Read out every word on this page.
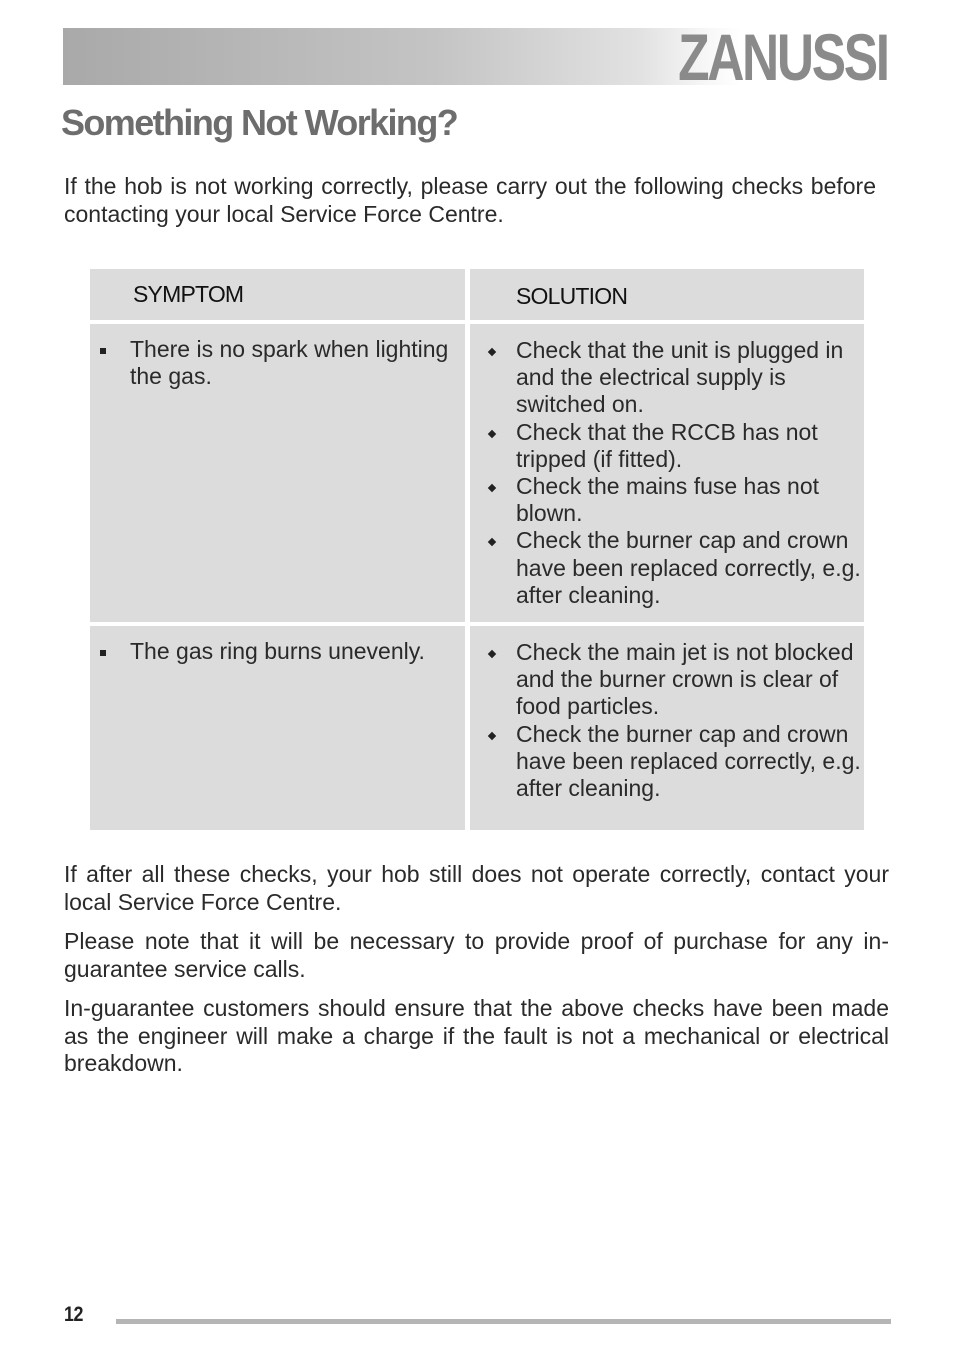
ZANUSSI
Something Not Working?

If the hob is not working correctly, please carry out the following checks before contacting your local Service Force Centre.

SYMPTOM	SOLUTION
There is no spark when lighting the gas.
Check that the unit is plugged in and the electrical supply is switched on.
Check that the RCCB has not tripped (if fitted).
Check the mains fuse has not blown.
Check the burner cap and crown have been replaced correctly, e.g. after cleaning.
The gas ring burns unevenly.	Check the main jet is not blocked and the burner crown is clear of food particles.
Check the burner cap and crown have been replaced correctly, e.g. after cleaning.

If after all these checks, your hob still does not operate correctly, contact your local Service Force Centre.

Please note that it will be necessary to provide proof of purchase for any in-guarantee service calls.

In-guarantee customers should ensure that the above checks have been made as the engineer will make a charge if the fault is not a mechanical or electrical breakdown.

12
